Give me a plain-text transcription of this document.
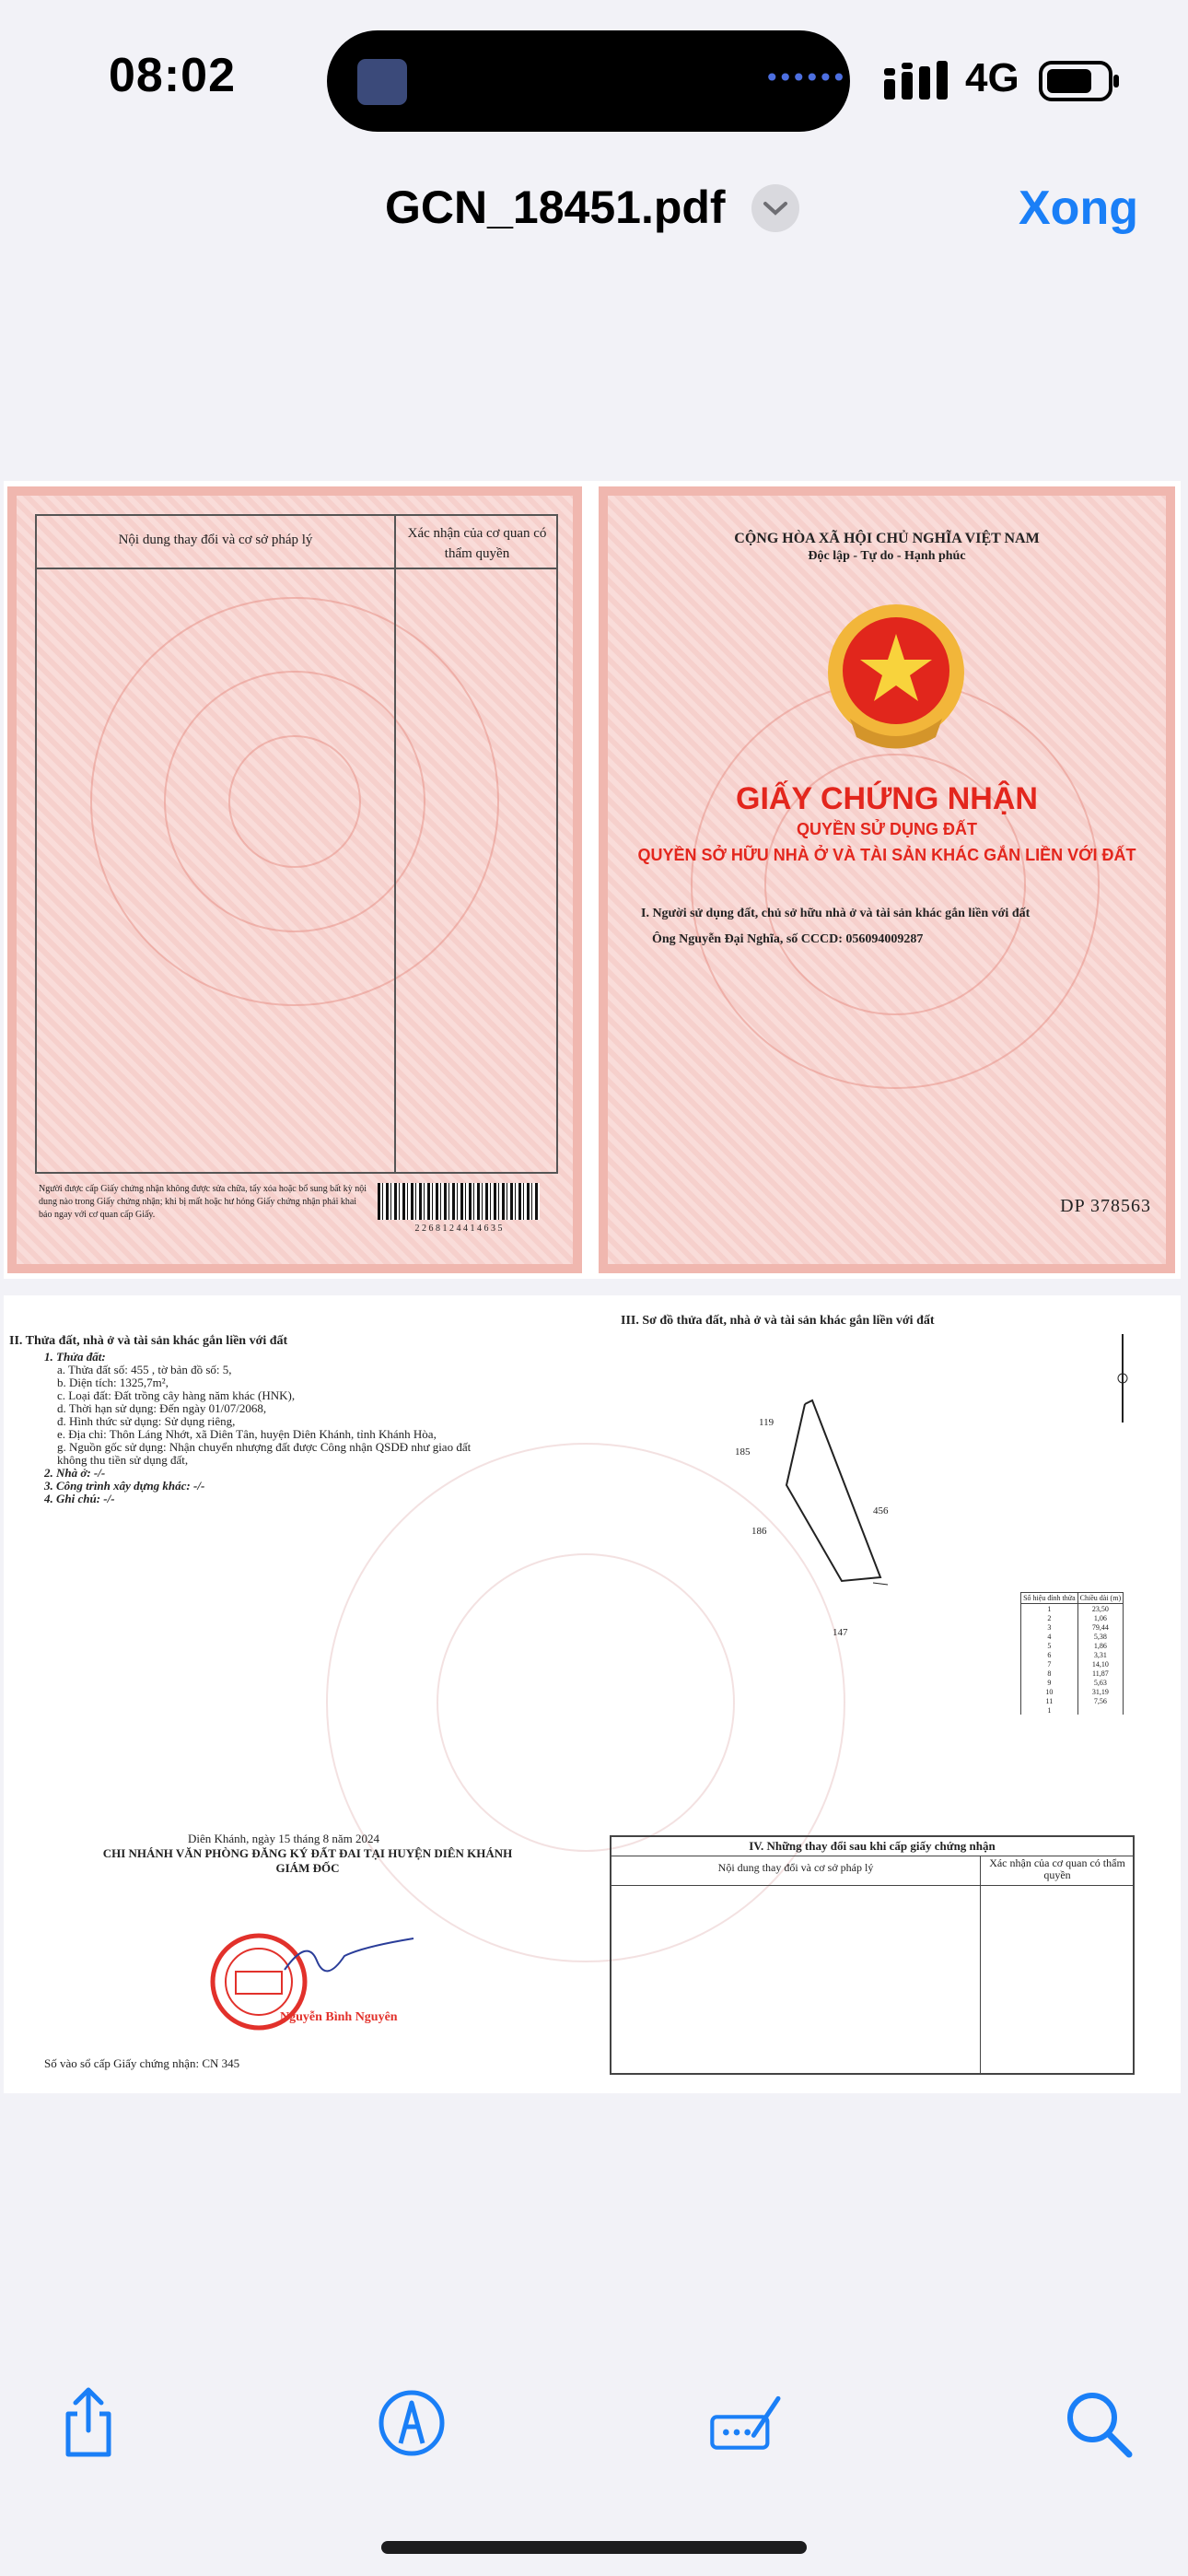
08:02	••••••	4G
GCN_18451.pdf	Xong
Nội dung thay đổi và cơ sở pháp lý	Xác nhận của cơ quan có thẩm quyền
Người được cấp Giấy chứng nhận không được sửa chữa, tẩy xóa hoặc bổ sung bất kỳ nội dung nào trong Giấy chứng nhận; khi bị mất hoặc hư hỏng Giấy chứng nhận phải khai báo ngay với cơ quan cấp Giấy.
2 2 6 8 1 2 4 4 1 4 6 3 5
CỘNG HÒA XÃ HỘI CHỦ NGHĨA VIỆT NAM
Độc lập - Tự do - Hạnh phúc
GIẤY CHỨNG NHẬN
QUYỀN SỬ DỤNG ĐẤT
QUYỀN SỞ HỮU NHÀ Ở VÀ TÀI SẢN KHÁC GẮN LIỀN VỚI ĐẤT
I. Người sử dụng đất, chủ sở hữu nhà ở và tài sản khác gắn liền với đất
Ông Nguyễn Đại Nghĩa, số CCCD: 056094009287
DP 378563
II. Thửa đất, nhà ở và tài sản khác gắn liền với đất
1. Thửa đất:
a. Thửa đất số: 455 , tờ bản đồ số: 5,
b. Diện tích: 1325,7m²,
c. Loại đất: Đất trồng cây hàng năm khác (HNK),
d. Thời hạn sử dụng: Đến ngày 01/07/2068,
đ. Hình thức sử dụng: Sử dụng riêng,
e. Địa chỉ: Thôn Láng Nhớt, xã Diên Tân, huyện Diên Khánh, tỉnh Khánh Hòa,
g. Nguồn gốc sử dụng: Nhận chuyển nhượng đất được Công nhận QSDĐ như giao đất
không thu tiền sử dụng đất,
2. Nhà ở: -/-
3. Công trình xây dựng khác: -/-
4. Ghi chú: -/-
III. Sơ đồ thửa đất, nhà ở và tài sản khác gắn liền với đất
119
185
186
456
147
Số hiệu đỉnh thửa	Chiều dài (m)
1	23,50
2	1,06
3	79,44
4	5,38
5	1,86
6	3,31
7	14,10
8	11,87
9	5,63
10	31,19
11	7,56
1	
Diên Khánh, ngày 15 tháng 8 năm 2024
CHI NHÁNH VĂN PHÒNG ĐĂNG KÝ ĐẤT ĐAI TẠI HUYỆN DIÊN KHÁNH
GIÁM ĐỐC
Nguyễn Bình Nguyên
Số vào sổ cấp Giấy chứng nhận: CN 345
IV. Những thay đổi sau khi cấp giấy chứng nhận
Nội dung thay đổi và cơ sở pháp lý	Xác nhận của cơ quan có thẩm quyền
